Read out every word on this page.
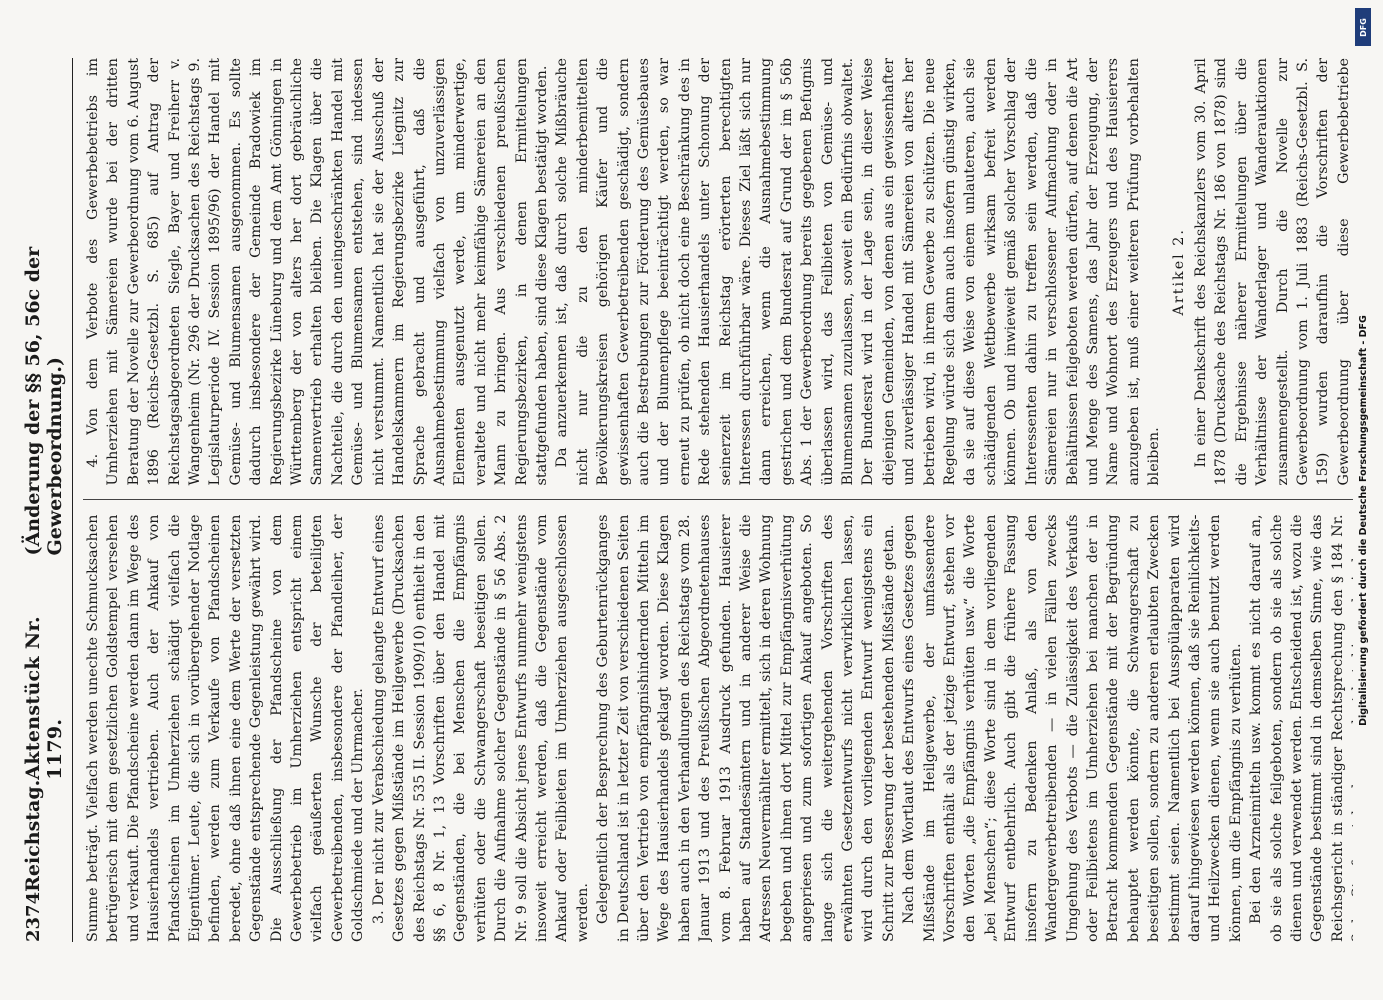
2374
Reichstag.
Aktenstück Nr. 1179.
(Änderung der §§ 56, 56c der Gewerbeordnung.)

Summe beträgt. Vielfach werden unechte Schmucksachen betrügerisch mit dem gesetzlichen Goldstempel versehen und verkauft. Die Pfandscheine werden dann im Wege des Hausierhandels vertrieben. Auch der Ankauf von Pfandscheinen im Umherziehen schädigt vielfach die Eigentümer. Leute, die sich in vorübergehender Notlage befinden, werden zum Verkaufe von Pfandscheinen beredet, ohne daß ihnen eine dem Werte der versetzten Gegenstände entsprechende Gegenleistung gewährt wird. Die Ausschließung der Pfandscheine von dem Gewerbebetrieb im Umherziehen entspricht einem vielfach geäußerten Wunsche der beteiligten Gewerbetreibenden, insbesondere der Pfandleiher, der Goldschmiede und der Uhrmacher. 3. Der nicht zur Verabschiedung gelangte Entwurf eines Gesetzes gegen Mißstände im Heilgewerbe (Drucksachen des Reichstags Nr. 535 II. Session 1909/10) enthielt in den §§ 6, 8 Nr. 1, 13 Vorschriften über den Handel mit Gegenständen, die bei Menschen die Empfängnis verhüten oder die Schwangerschaft beseitigen sollen. Durch die Aufnahme solcher Gegenstände in § 56 Abs. 2 Nr. 9 soll die Absicht jenes Entwurfs nunmehr wenigstens insoweit erreicht werden, daß die Gegenstände vom Ankauf oder Feilbieten im Umherziehen ausgeschlossen werden. Gelegentlich der Besprechung des Geburtenrückganges in Deutschland ist in letzter Zeit von verschiedenen Seiten über den Vertrieb von empfängnishindernden Mitteln im Wege des Hausierhandels geklagt worden. Diese Klagen haben auch in den Verhandlungen des Reichstags vom 28. Januar 1913 und des Preußischen Abgeordnetenhauses vom 8. Februar 1913 Ausdruck gefunden. Hausierer haben auf Standesämtern und in anderer Weise die Adressen Neuvermählter ermittelt, sich in deren Wohnung begeben und ihnen dort Mittel zur Empfängnisverhütung angepriesen und zum sofortigen Ankauf angeboten. So lange sich die weitergehenden Vorschriften des erwähnten Gesetzentwurfs nicht verwirklichen lassen, wird durch den vorliegenden Entwurf wenigstens ein Schritt zur Besserung der bestehenden Mißstände getan. Nach dem Wortlaut des Entwurfs eines Gesetzes gegen Mißstände im Heilgewerbe, der umfassendere Vorschriften enthält als der jetzige Entwurf, stehen vor den Worten „die Empfängnis verhüten usw.“ die Worte „bei Menschen“; diese Worte sind in dem vorliegenden Entwurf entbehrlich. Auch gibt die frühere Fassung insofern zu Bedenken Anlaß, als von den Wandergewerbetreibenden — in vielen Fällen zwecks Umgehung des Verbots — die Zulässigkeit des Verkaufs oder Feilbietens im Umherziehen bei manchen der in Betracht kommenden Gegenstände mit der Begründung behauptet werden könnte, die Schwangerschaft zu beseitigen sollen, sondern zu anderen erlaubten Zwecken bestimmt seien. Namentlich bei Ausspülapparaten wird darauf hingewiesen werden können, daß sie Reinlichkeits- und Heilzwecken dienen, wenn sie auch benutzt werden können, um die Empfängnis zu verhüten. Bei den Arzneimitteln usw. kommt es nicht darauf an, ob sie als solche feilgeboten, sondern ob sie als solche dienen und verwendet werden. Entscheidend ist, wozu die Gegenstände bestimmt sind in demselben Sinne, wie das Reichsgericht in ständiger Rechtsprechung den § 184 Nr. des Strafgesetzbuchs ausgelegt hat; hiernach sind es zu

4. Von dem Verbote des Gewerbebetriebs im Umherziehen mit Sämereien wurde bei der dritten Beratung der Novelle zur Gewerbeordnung vom 6. August 1896 (Reichs-Gesetzbl. S. 685) auf Antrag der Reichstagsabgeordneten Siegle, Bayer und Freiherr v. Wangenheim (Nr. 296 der Drucksachen des Reichstags 9. Legislaturperiode IV. Session 1895/96) der Handel mit Gemüse- und Blumensamen ausgenommen. Es sollte dadurch insbesondere der Gemeinde Bradowiek im Regierungsbezirke Lüneburg und dem Amt Gönningen in Württemberg der von alters her dort gebräuchliche Samenvertrieb erhalten bleiben. Die Klagen über die Nachteile, die durch den uneingeschränkten Handel mit Gemüse- und Blumensamen entstehen, sind indessen nicht verstummt. Namentlich hat sie der Ausschuß der Handelskammern im Regierungsbezirke Liegnitz zur Sprache gebracht und ausgeführt, daß die Ausnahmebestimmung vielfach von unzuverlässigen Elementen ausgenutzt werde, um minderwertige, veraltete und nicht mehr keimfähige Sämereien an den Mann zu bringen. Aus verschiedenen preußischen Regierungsbezirken, in denen Ermittelungen stattgefunden haben, sind diese Klagen bestätigt worden. Da anzuerkennen ist, daß durch solche Mißbräuche nicht nur die zu den minderbemittelten Bevölkerungskreisen gehörigen Käufer und die gewissenhaften Gewerbetreibenden geschädigt, sondern auch die Bestrebungen zur Förderung des Gemüsebaues und der Blumenpflege beeinträchtigt werden, so war erneut zu prüfen, ob nicht doch eine Beschränkung des in Rede stehenden Hausierhandels unter Schonung der seinerzeit im Reichstag erörterten berechtigten Interessen durchführbar wäre. Dieses Ziel läßt sich nur dann erreichen, wenn die Ausnahmebestimmung gestrichen und dem Bundesrat auf Grund der im § 56b Abs. 1 der Gewerbeordnung bereits gegebenen Befugnis überlassen wird, das Feilbieten von Gemüse- und Blumensamen zuzulassen, soweit ein Bedürfnis obwaltet. Der Bundesrat wird in der Lage sein, in dieser Weise diejenigen Gemeinden, von denen aus ein gewissenhafter und zuverlässiger Handel mit Sämereien von alters her betrieben wird, in ihrem Gewerbe zu schützen. Die neue Regelung würde sich dann auch insofern günstig wirken, da sie auf diese Weise von einem unlauteren, auch sie schädigenden Wettbewerbe wirksam befreit werden können. Ob und inwieweit gemäß solcher Vorschlag der Interessenten dahin zu treffen sein werden, daß die Sämereien nur in verschlossener Aufmachung oder in Behältnissen feilgeboten werden dürfen, auf denen die Art und Menge des Samens, das Jahr der Erzeugung, der Name und Wohnort des Erzeugers und des Hausierers anzugeben ist, muß einer weiteren Prüfung vorbehalten bleiben.

Artikel 2.

In einer Denkschrift des Reichskanzlers vom 30. April 1878 (Drucksache des Reichstags Nr. 186 von 1878) sind die Ergebnisse näherer Ermittelungen über die Verhältnisse der Wanderlager und Wanderauktionen zusammengestellt. Durch die Novelle zur Gewerbeordnung vom 1. Juli 1883 (Reichs-Gesetzbl. S. 159) wurden daraufhin die Vorschriften der Gewerbeordnung über diese Gewerbebetriebe

DFG
Digitalisierung gefördert durch die Deutsche Forschungsgemeinschaft - DFG
